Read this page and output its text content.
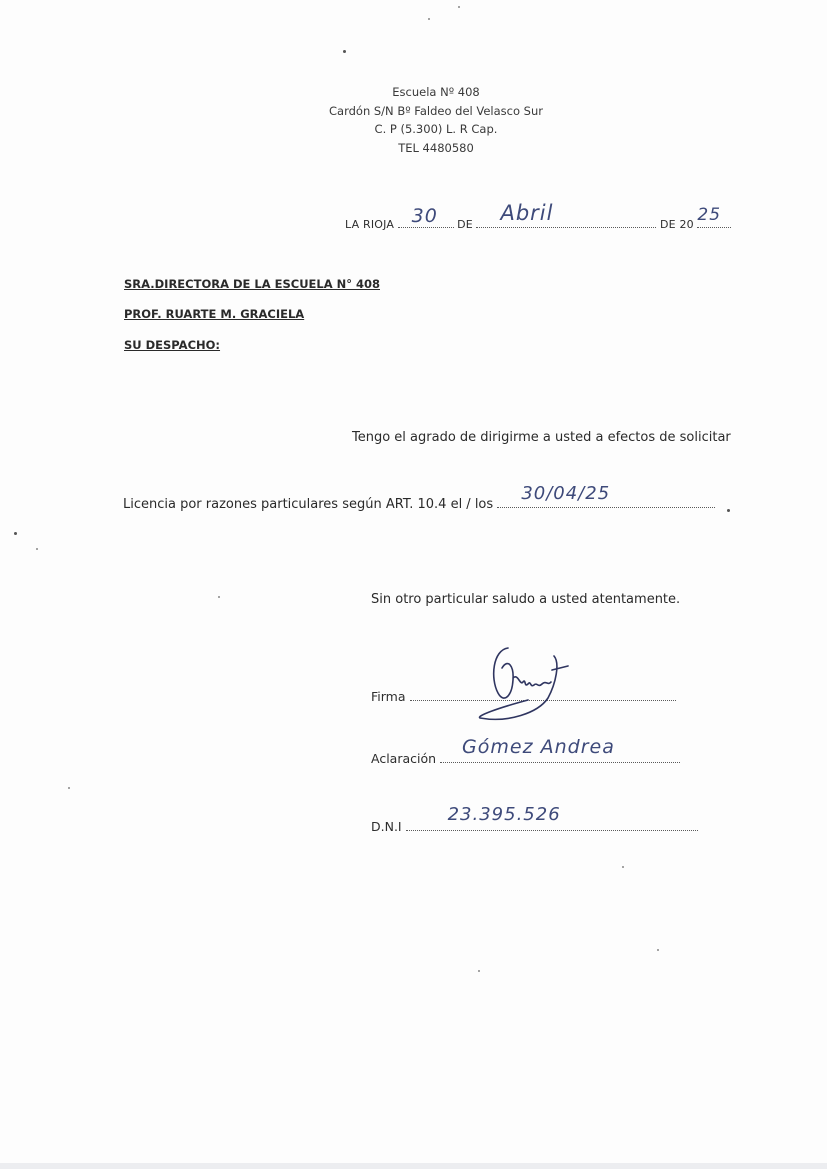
Escuela Nº 408
Cardón S/N Bº Faldeo del Velasco Sur
C. P (5.300) L. R Cap.
TEL 4480580
LA RIOJA 30 DE Abril	DE 20 25
SRA.DIRECTORA DE LA ESCUELA N° 408
PROF. RUARTE M. GRACIELA
SU DESPACHO:
Tengo el agrado de dirigirme a usted a efectos de solicitar
Licencia por razones particulares según ART. 10.4 el / los
30/04/25
Sin otro particular saludo a usted atentamente.
Firma
Aclaración
Gómez Andrea
D.N.I
23.395.526
